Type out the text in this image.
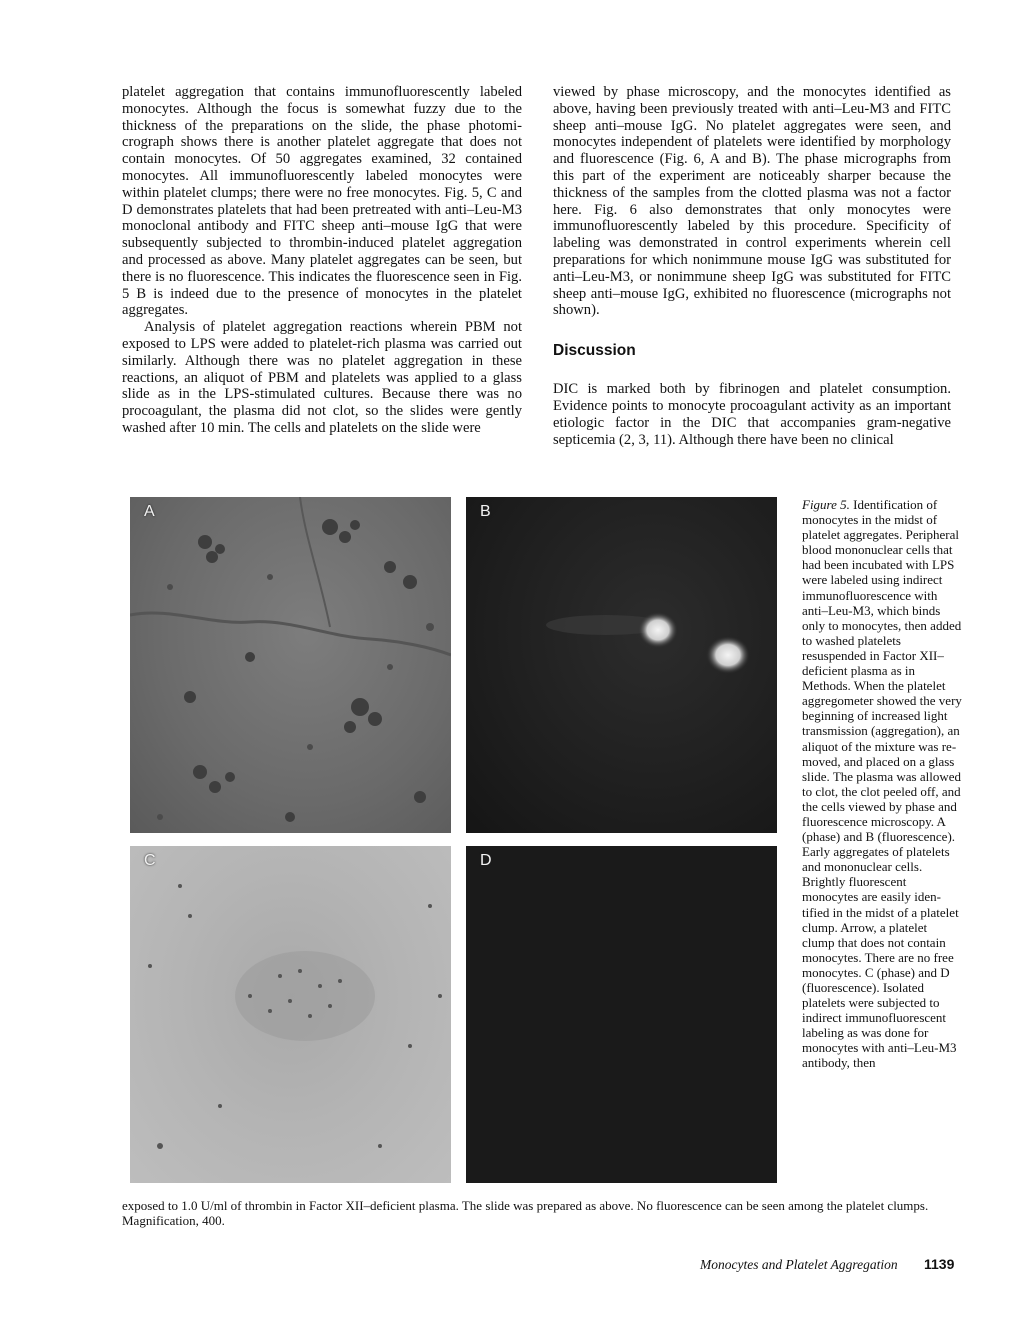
platelet aggregation that contains immunofluorescently labeled monocytes. Although the focus is somewhat fuzzy due to the thickness of the preparations on the slide, the phase photomicrograph shows there is another platelet aggregate that does not contain monocytes. Of 50 aggregates examined, 32 contained monocytes. All immunofluorescently labeled monocytes were within platelet clumps; there were no free monocytes. Fig. 5, C and D demonstrates platelets that had been pretreated with anti–Leu-M3 monoclonal antibody and FITC sheep anti–mouse IgG that were subsequently subjected to thrombin-induced platelet aggregation and processed as above. Many platelet aggregates can be seen, but there is no fluorescence. This indicates the fluorescence seen in Fig. 5 B is indeed due to the presence of monocytes in the platelet aggregates.

Analysis of platelet aggregation reactions wherein PBM not exposed to LPS were added to platelet-rich plasma was carried out similarly. Although there was no platelet aggregation in these reactions, an aliquot of PBM and platelets was applied to a glass slide as in the LPS-stimulated cultures. Because there was no procoagulant, the plasma did not clot, so the slides were gently washed after 10 min. The cells and platelets on the slide were

viewed by phase microscopy, and the monocytes identified as above, having been previously treated with anti–Leu-M3 and FITC sheep anti–mouse IgG. No platelet aggregates were seen, and monocytes independent of platelets were identified by morphology and fluorescence (Fig. 6, A and B). The phase micrographs from this part of the experiment are noticeably sharper because the thickness of the samples from the clotted plasma was not a factor here. Fig. 6 also demonstrates that only monocytes were immunofluorescently labeled by this procedure. Specificity of labeling was demonstrated in control experiments wherein cell preparations for which nonimmune mouse IgG was substituted for anti–Leu-M3, or nonimmune sheep IgG was substituted for FITC sheep anti–mouse IgG, exhibited no fluorescence (micrographs not shown).

Discussion

DIC is marked both by fibrinogen and platelet consumption. Evidence points to monocyte procoagulant activity as an important etiologic factor in the DIC that accompanies gram-negative septicemia (2, 3, 11). Although there have been no clinical

A	B
C	D

Figure 5. Identification of monocytes in the midst of platelet aggregates. Peripheral blood mononuclear cells that had been incubated with LPS were labeled using indirect immunofluorescence with anti–Leu-M3, which binds only to monocytes, then added to washed platelets resuspended in Factor XII–deficient plasma as in Methods. When the platelet aggregometer showed the very beginning of increased light transmission (aggregation), an aliquot of the mixture was removed, and placed on a glass slide. The plasma was allowed to clot, the clot peeled off, and the cells viewed by phase and fluorescence microscopy. A (phase) and B (fluorescence). Early aggregates of platelets and mononuclear cells. Brightly fluorescent monocytes are easily identified in the midst of a platelet clump. Arrow, a platelet clump that does not contain monocytes. There are no free monocytes. C (phase) and D (fluorescence). Isolated platelets were subjected to indirect immunofluorescent labeling as was done for monocytes with anti–Leu-M3 antibody, then

exposed to 1.0 U/ml of thrombin in Factor XII–deficient plasma. The slide was prepared as above. No fluorescence can be seen among the platelet clumps. Magnification, 400.

Monocytes and Platelet Aggregation 1139
